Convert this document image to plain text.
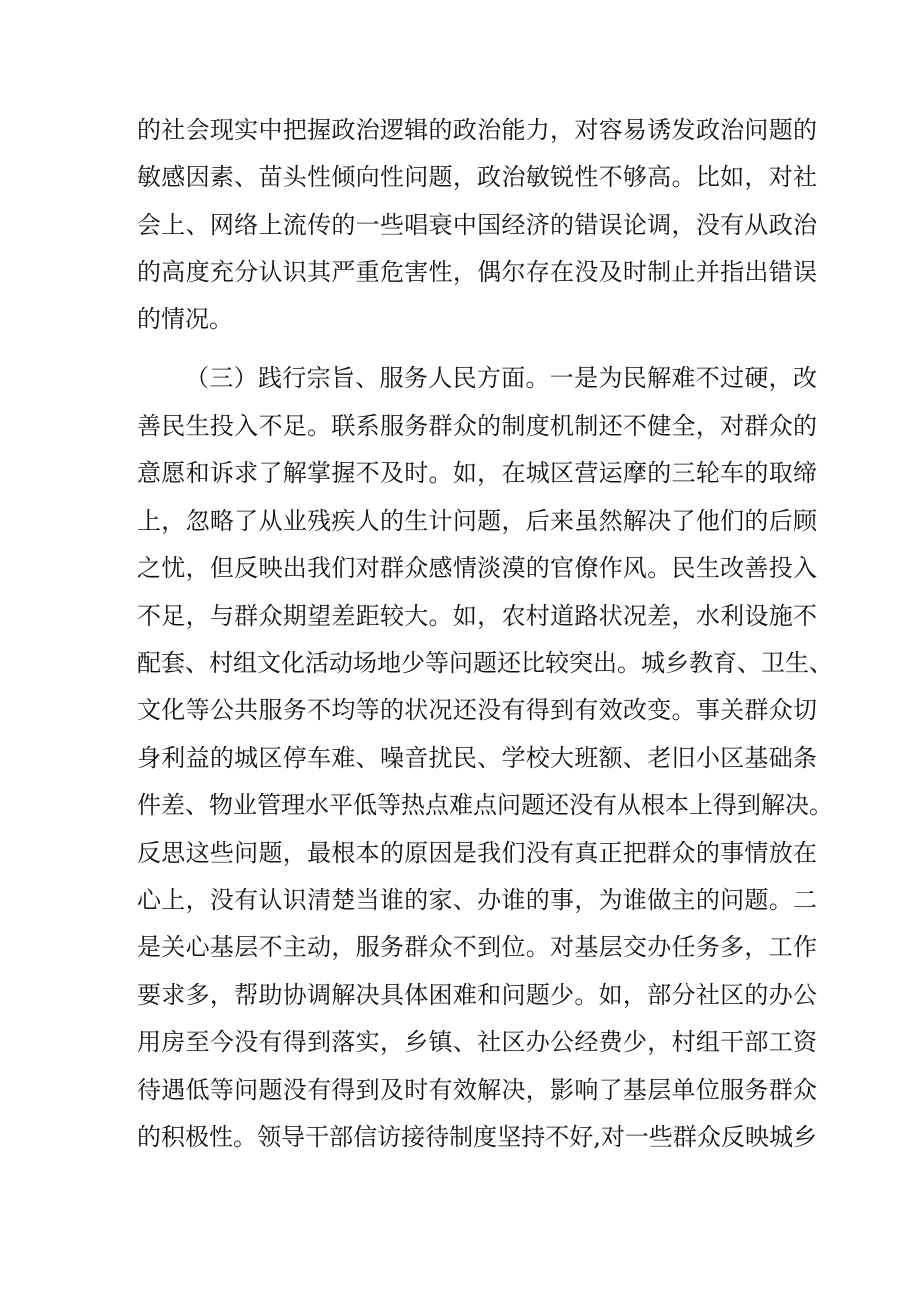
的社会现实中把握政治逻辑的政治能力，对容易诱发政治问题的
敏感因素、苗头性倾向性问题，政治敏锐性不够高。比如，对社
会上、网络上流传的一些唱衰中国经济的错误论调，没有从政治
的高度充分认识其严重危害性，偶尔存在没及时制止并指出错误
的情况。
（三）践行宗旨、服务人民方面。一是为民解难不过硬，改
善民生投入不足。联系服务群众的制度机制还不健全，对群众的
意愿和诉求了解掌握不及时。如，在城区营运摩的三轮车的取缔
上，忽略了从业残疾人的生计问题，后来虽然解决了他们的后顾
之忧，但反映出我们对群众感情淡漠的官僚作风。民生改善投入
不足，与群众期望差距较大。如，农村道路状况差，水利设施不
配套、村组文化活动场地少等问题还比较突出。城乡教育、卫生、
文化等公共服务不均等的状况还没有得到有效改变。事关群众切
身利益的城区停车难、噪音扰民、学校大班额、老旧小区基础条
件差、物业管理水平低等热点难点问题还没有从根本上得到解决。
反思这些问题，最根本的原因是我们没有真正把群众的事情放在
心上，没有认识清楚当谁的家、办谁的事，为谁做主的问题。二
是关心基层不主动，服务群众不到位。对基层交办任务多，工作
要求多，帮助协调解决具体困难和问题少。如，部分社区的办公
用房至今没有得到落实，乡镇、社区办公经费少，村组干部工资
待遇低等问题没有得到及时有效解决，影响了基层单位服务群众
的积极性。领导干部信访接待制度坚持不好,对一些群众反映城乡
